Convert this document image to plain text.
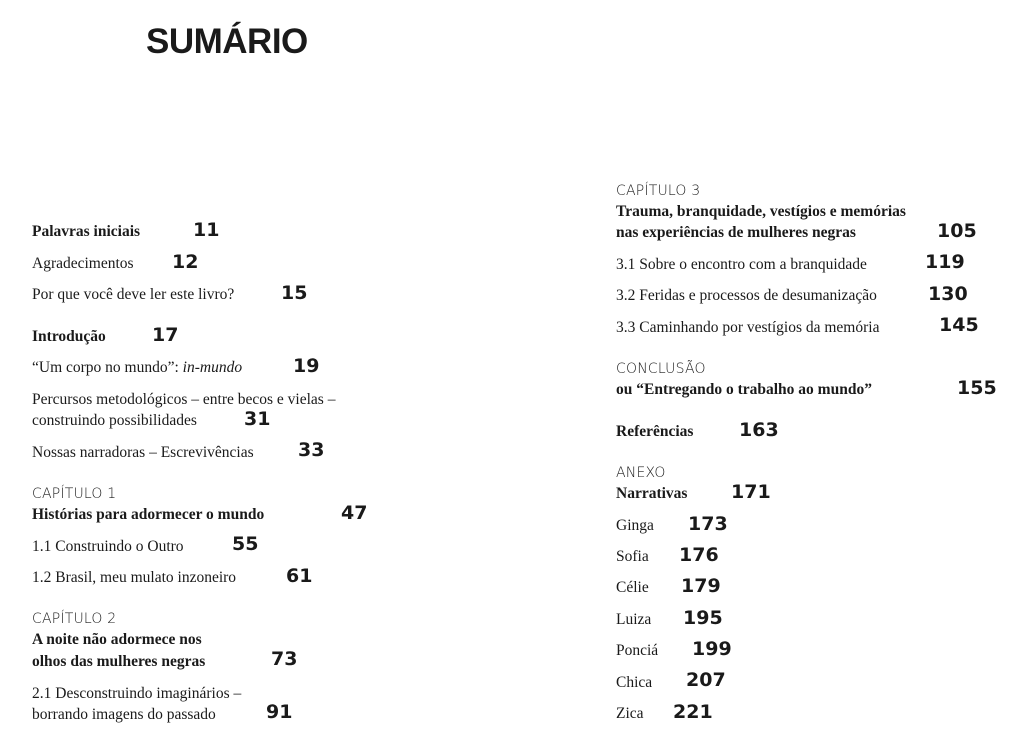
SUMÁRIO
Palavras iniciais	11
Agradecimentos 12
Por que você deve ler este livro? 15
Introdução 17
“Um corpo no mundo”: in-mundo	19
Percursos metodológicos – entre becos e vielas –
construindo possibilidades 31
Nossas narradoras – Escrevivências 33
CAPÍTULO 1
Histórias para adormecer o mundo	47
1.1 Construindo o Outro	55
1.2 Brasil, meu mulato inzoneiro	61
CAPÍTULO 2
A noite não adormece nos
olhos das mulheres negras	73
2.1 Desconstruindo imaginários –
borrando imagens do passado	91
CAPÍTULO 3
Trauma, branquidade, vestígios e memórias
nas experiências de mulheres negras	105
3.1 Sobre o encontro com a branquidade	119
3.2 Feridas e processos de desumanização	130
3.3 Caminhando por vestígios da memória	145
CONCLUSÃO
ou “Entregando o trabalho ao mundo”	155
Referências 163
ANEXO
Narrativas 171
Ginga 173
Sofia 176
Célie 179
Luiza 195
Ponciá 199
Chica 207
Zica 221
